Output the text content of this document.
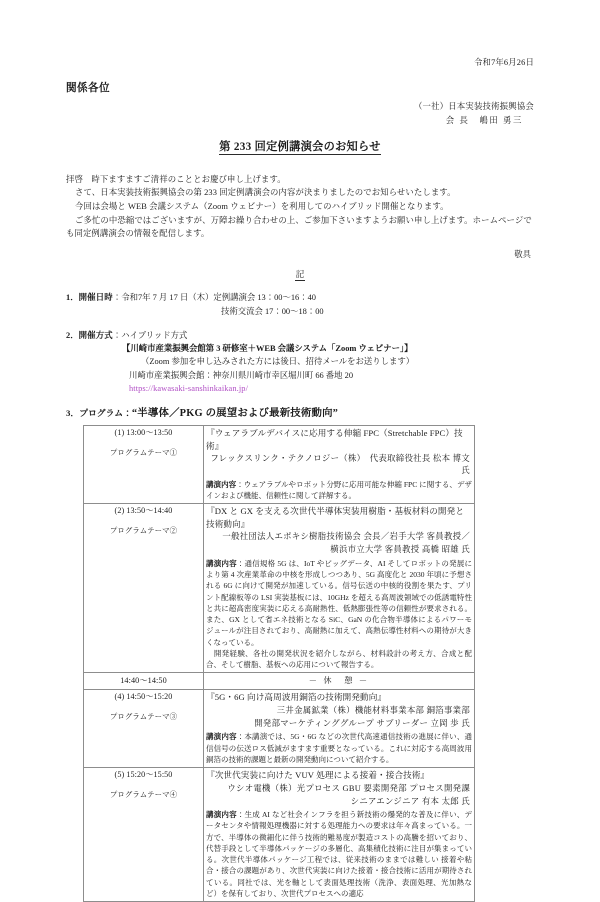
令和7年6月26日
関係各位
（一社）日本実装技術振興協会
会 長　嶋田 勇三
第 233 回定例講演会のお知らせ

拝啓　時下ますますご清祥のこととお慶び申し上げます。

さて、日本実装技術振興協会の第 233 回定例講演会の内容が決まりましたのでお知らせいたします。

今回は会場と WEB 会議システム（Zoom ウェビナー）を利用してのハイブリッド開催となります。

ご多忙の中恐縮ではございますが、万障お繰り合わせの上、ご参加下さいますようお願い申し上げます。ホームページでも同定例講演会の情報を配信します。

敬具
記
1．開催日時：令和7年 7 月 17 日（木）定例講演会 13：00〜16：40
技術交流会 17：00〜18：00
2．開催方式：ハイブリッド方式
【川崎市産業振興会館第 3 研修室＋WEB 会議システム「Zoom ウェビナー」】
（Zoom 参加を申し込みされた方には後日、招待メールをお送りします）
川崎市産業振興会館：神奈川県川崎市幸区堀川町 66 番地 20
https://kawasaki-sanshinkaikan.jp/
3．プログラム：“半導体／PKG の展望および最新技術動向”
(1) 13:00〜13:50
プログラムテーマ①	『ウェアラブルデバイスに応用する伸縮 FPC（Stretchable FPC）技術』
フレックスリンク・テクノロジー（株）　代表取締役社長 松本 博文 氏
講演内容：ウェアラブルやロボット分野に応用可能な伸縮 FPC に関する、デザインおよび機能、信頼性に関して詳解する。

(2) 13:50〜14:40
プログラムテーマ②

『DX と GX を支える次世代半導体実装用樹脂・基板材料の開発と技術動向』
一般社団法人エポキシ樹脂技術協会 会長／岩手大学 客員教授／
横浜市立大学 客員教授 高橋 昭雄 氏
講演内容：通信規格 5G は、IoT やビッグデータ、AI そしてロボットの発展により第 4 次産業革命の中核を形成しつつあり、5G 高度化と 2030 年頃に予想される 6G に向けて開発が加速している。信号伝送の中核的役割を果たす、プリント配線板等の LSI 実装基板には、10GHz を超える高周波領域での低誘電特性と共に超高密度実装に応える高耐熱性、低熱膨張性等の信頼性が要求される。また、GX として省エネ技術となる SiC、GaN の化合物半導体によるパワーモジュールが注目されており、高耐熱に加えて、高熱伝導性材料への期待が大きくなっている。
　開発経験、各社の開発状況を紹介しながら、材料設計の考え方、合成と配合、そして樹脂、基板への応用について報告する。

14:40〜14:50	－ 休　憩 －
(4) 14:50〜15:20
プログラムテーマ③	『5G・6G 向け高周波用銅箔の技術開発動向』
三井金属鉱業（株）機能材料事業本部 銅箔事業部
開発部マーケティンググループ サブリーダー 立岡 歩 氏
講演内容：本講演では、5G・6G などの次世代高速通信技術の進展に伴い、通信信号の伝送ロス低減がますます重要となっている。これに対応する高周波用銅箔の技術的課題と最新の開発動向について紹介する。

(5) 15:20〜15:50
プログラムテーマ④	『次世代実装に向けた VUV 処理による接着・接合技術』
ウシオ電機（株）光プロセス GBU 要素開発部 プロセス開発課
シニアエンジニア 有本 太郎 氏
講演内容：生成 AI など社会インフラを担う新技術の爆発的な普及に伴い、データセンタや情報処理機器に対する処理能力への要求は年々高まっている。一方で、半導体の微細化に伴う技術的難易度が製造コストの高騰を招いており、代替手段として半導体パッケージの多層化、高集積化技術に注目が集まっている。次世代半導体パッケージ工程では、従来技術のままでは難しい 接着や粘合・接合の課題があり、次世代実装に向けた接着・接合技術に活用が期待されている。同社では、光を軸として表面処理技術（洗浄、表面処理、光加熱など）を保有しており、次世代プロセスへの適応
